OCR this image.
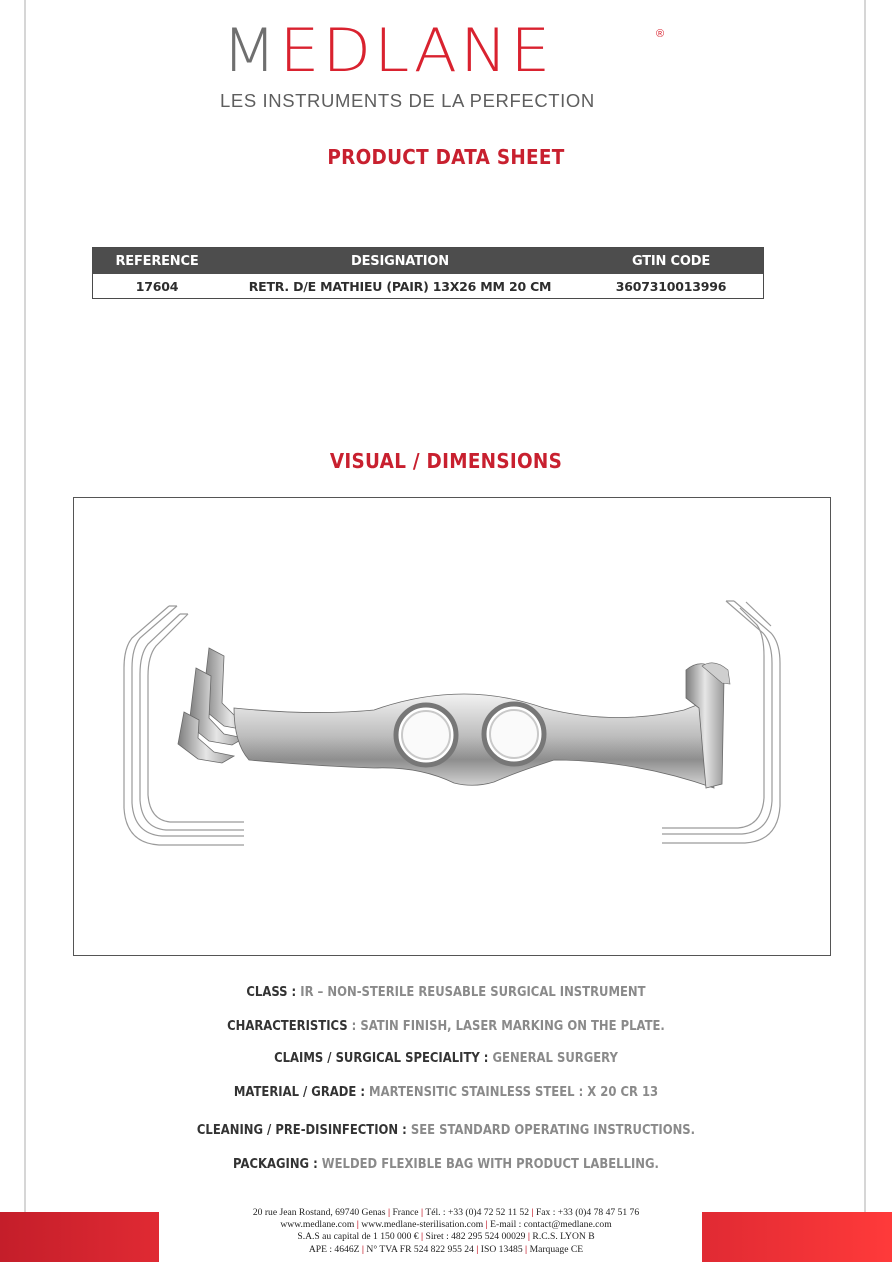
MEDLANE	®
LES INSTRUMENTS DE LA PERFECTION
PRODUCT DATA SHEET
REFERENCE	DESIGNATION	GTIN CODE
17604	RETR. D/E MATHIEU (PAIR) 13X26 MM 20 CM	3607310013996
VISUAL / DIMENSIONS
CLASS : IR – NON-STERILE REUSABLE SURGICAL INSTRUMENT
CHARACTERISTICS : SATIN FINISH, LASER MARKING ON THE PLATE.
CLAIMS / SURGICAL SPECIALITY : GENERAL SURGERY
MATERIAL / GRADE : MARTENSITIC STAINLESS STEEL : X 20 CR 13
CLEANING / PRE-DISINFECTION : SEE STANDARD OPERATING INSTRUCTIONS.
PACKAGING : WELDED FLEXIBLE BAG WITH PRODUCT LABELLING.
20 rue Jean Rostand, 69740 Genas | France | Tél. : +33 (0)4 72 52 11 52 | Fax : +33 (0)4 78 47 51 76
www.medlane.com | www.medlane-sterilisation.com | E-mail : contact@medlane.com
S.A.S au capital de 1 150 000 € | Siret : 482 295 524 00029 | R.C.S. LYON B
APE : 4646Z | N° TVA FR 524 822 955 24 | ISO 13485 | Marquage CE
